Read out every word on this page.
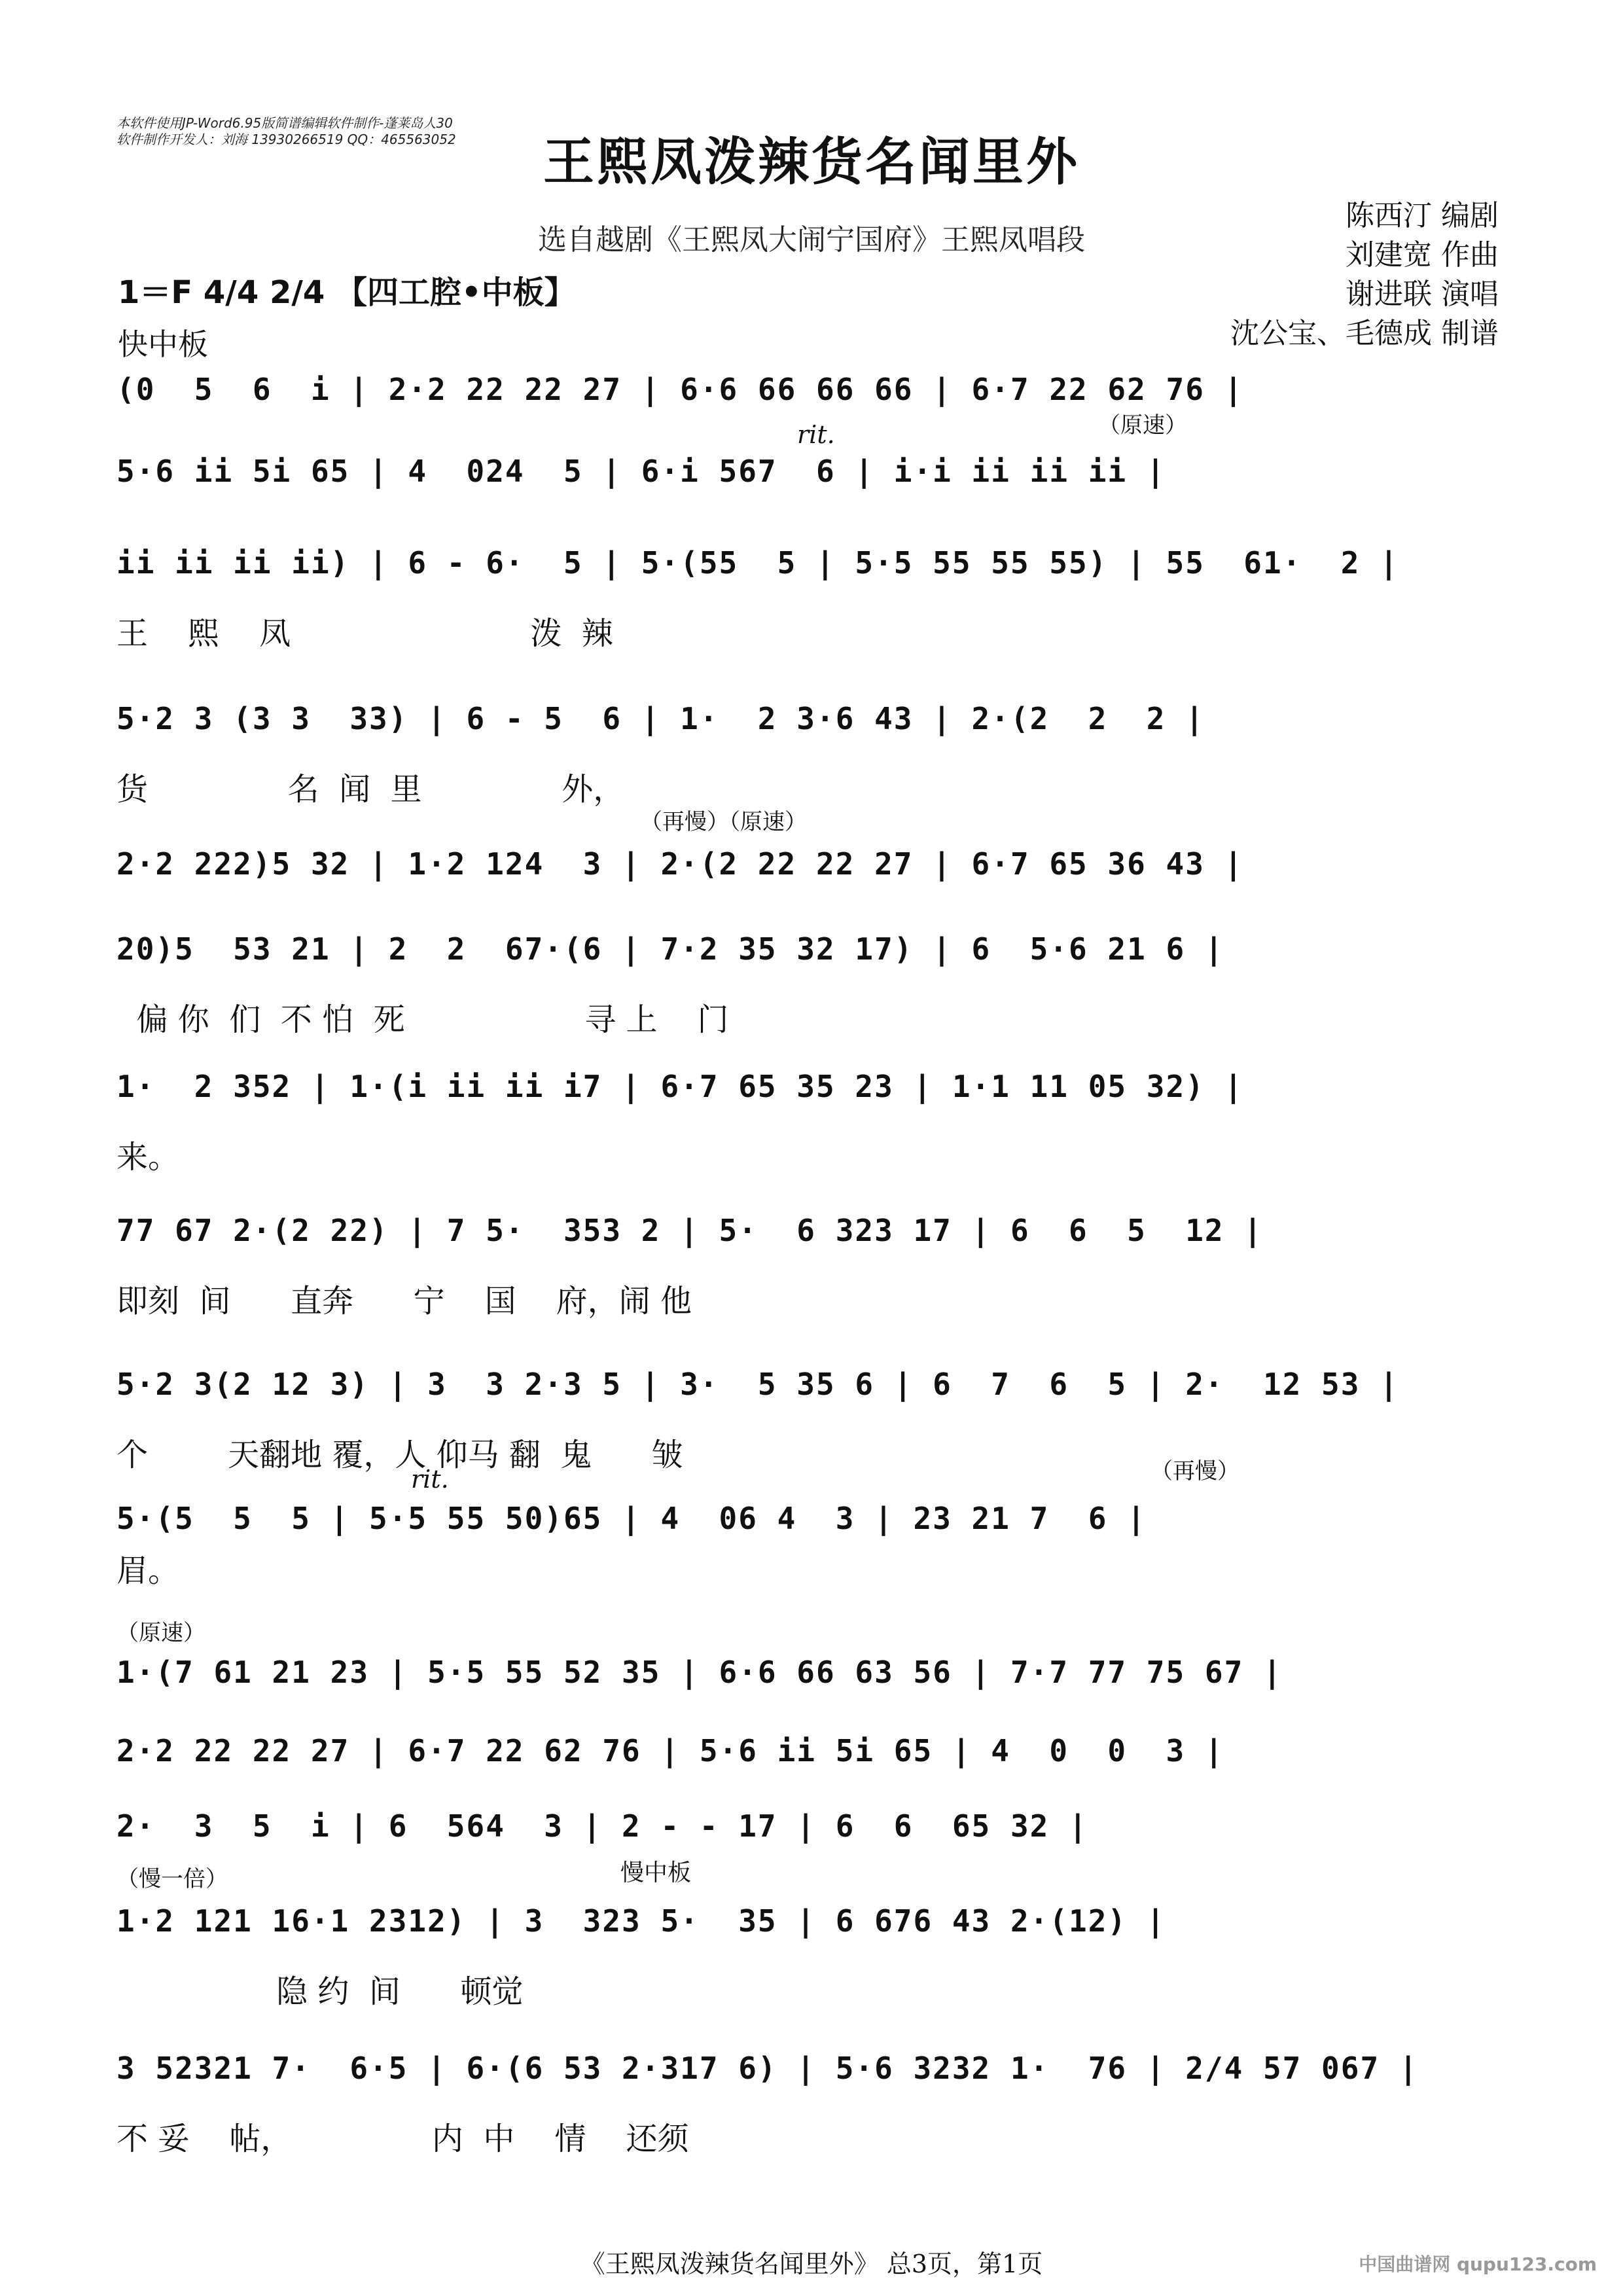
本软件使用JP-Word6.95版简谱编辑软件制作-蓬莱岛人30
软件制作开发人：刘海 13930266519 QQ：465563052	王熙凤泼辣货名闻里外
选自越剧《王熙凤大闹宁国府》王熙凤唱段
陈西汀 编剧
刘建宽 作曲
谢进联 演唱
沈公宝、毛德成 制谱
1＝F 4/4 2/4 【四工腔•中板】
快中板
(0  5  6  i | 2·2 22 22 27 | 6·6 66 66 66 | 6·7 22 62 76 |
rit.	（原速）
5·6 ii 5i 65 | 4  024  5 | 6·i 567  6 | i·i ii ii ii |
ii ii ii ii) | 6 - 6·  5 | 5·(55  5 | 5·5 55 55 55) | 55  61·  2 |
王    熙    凤                        泼  辣
5·2 3 (3 3  33) | 6 - 5  6 | 1·  2 3·6 43 | 2·(2  2  2 |
货              名  闻  里              外，
（再慢）（原速）
2·2 222)5 32 | 1·2 124  3 | 2·(2 22 22 27 | 6·7 65 36 43 |
20)5  53 21 | 2  2  67·(6 | 7·2 35 32 17) | 6  5·6 21 6 |
偏 你  们  不 怕  死                  寻 上    门
1·  2 352 | 1·(i ii ii i7 | 6·7 65 35 23 | 1·1 11 05 32) |
来。
77 67 2·(2 22) | 7 5·  353 2 | 5·  6 323 17 | 6  6  5  12 |
即刻  间      直奔      宁    国    府，闹 他
5·2 3(2 12 3) | 3  3 2·3 5 | 3·  5 35 6 | 6  7  6  5 | 2·  12 53 |
个        天翻地 覆，人 仰马 翻  鬼      皱
rit.	（再慢）
5·(5  5  5 | 5·5 55 50)65 | 4  06 4  3 | 23 21 7  6 |
眉。
（原速）
1·(7 61 21 23 | 5·5 55 52 35 | 6·6 66 63 56 | 7·7 77 75 67 |
2·2 22 22 27 | 6·7 22 62 76 | 5·6 ii 5i 65 | 4  0  0  3 |
2·  3  5  i | 6  564  3 | 2 - - 17 | 6  6  65 32 |
（慢一倍）	慢中板
1·2 121 16·1 2312) | 3  323 5·  35 | 6 676 43 2·(12) |
隐 约  间      顿觉
3 52321 7·  6·5 | 6·(6 53 2·317 6) | 5·6 3232 1·  76 | 2/4 57 067 |
不 妥    帖，              内  中    情    还须
《王熙凤泼辣货名闻里外》 总3页，第1页	中国曲谱网 qupu123.com
